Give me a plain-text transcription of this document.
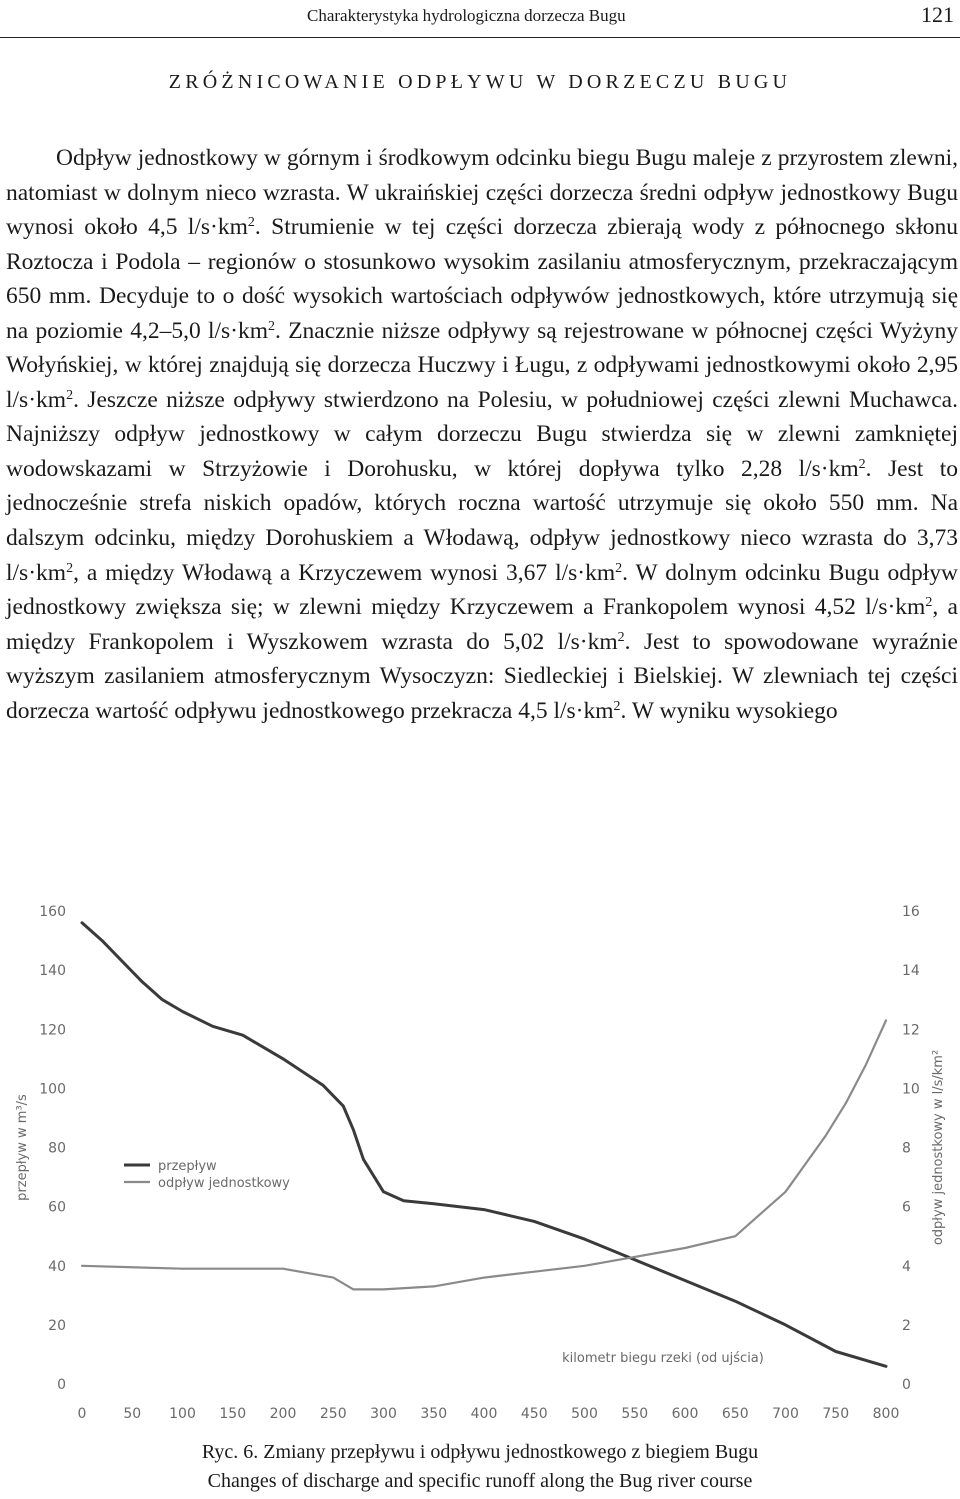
Charakterystyka hydrologiczna dorzecza Bugu	121
ZRÓŻNICOWANIE ODPŁYWU W DORZECZU BUGU

Odpływ jednostkowy w górnym i środkowym odcinku biegu Bugu maleje z przyrostem zlewni, natomiast w dolnym nieco wzrasta. W ukraińskiej części dorzecza średni odpływ jednostkowy Bugu wynosi około 4,5 $l/s\cdot km^2$. Strumienie w tej części dorzecza zbierają wody z północnego skłonu Roztocza i Podola – regionów o stosunkowo wysokim zasilaniu atmosferycznym, przekraczającym 650 mm. Decyduje to o dość wysokich wartościach odpływów jednostkowych, które utrzymują się na poziomie 4,2–5,0 $l/s\cdot km^2$. Znacznie niższe odpływy są rejestrowane w północnej części Wyżyny Wołyńskiej, w której znajdują się dorzecza Huczwy i Ługu, z odpływami jednostkowymi około 2,95 $l/s\cdot km^2$. Jeszcze niższe odpływy stwierdzono na Polesiu, w południowej części zlewni Muchawca. Najniższy odpływ jednostkowy w całym dorzeczu Bugu stwierdza się w zlewni zamkniętej wodowskazami w Strzyżowie i Dorohusku, w której dopływa tylko 2,28 $l/s\cdot km^2$. Jest to jednocześnie strefa niskich opadów, których roczna wartość utrzymuje się około 550 mm. Na dalszym odcinku, między Dorohuskiem a Włodawą, odpływ jednostkowy nieco wzrasta do 3,73 $l/s\cdot km^2$, a między Włodawą a Krzyczewem wynosi 3,67 $l/s\cdot km^2$. W dolnym odcinku Bugu odpływ jednostkowy zwiększa się; w zlewni między Krzyczewem a Frankopolem wynosi 4,52 $l/s\cdot km^2$, a między Frankopolem i Wyszkowem wzrasta do 5,02 $l/s\cdot km^2$. Jest to spowodowane wyraźnie wyższym zasilaniem atmosferycznym Wysoczyzn: Siedleckiej i Bielskiej. W zlewniach tej części dorzecza wartość odpływu jednostkowego przekracza 4,5 $l/s\cdot km^2$. W wyniku wysokiego

0
20
40
60
80
100
120
140
160
0
2
4
6
8
10
12
14
16
0	50 100 150 200 250 300 350 400 450 500 550 600 650 700 750 800
przepływ w m³/s	odpływ jednostkowy w l/s/km²
kilometr biegu rzeki (od ujścia)
przepływ
odpływ jednostkowy
Ryc. 6. Zmiany przepływu i odpływu jednostkowego z biegiem Bugu
Changes of discharge and specific runoff along the Bug river course
